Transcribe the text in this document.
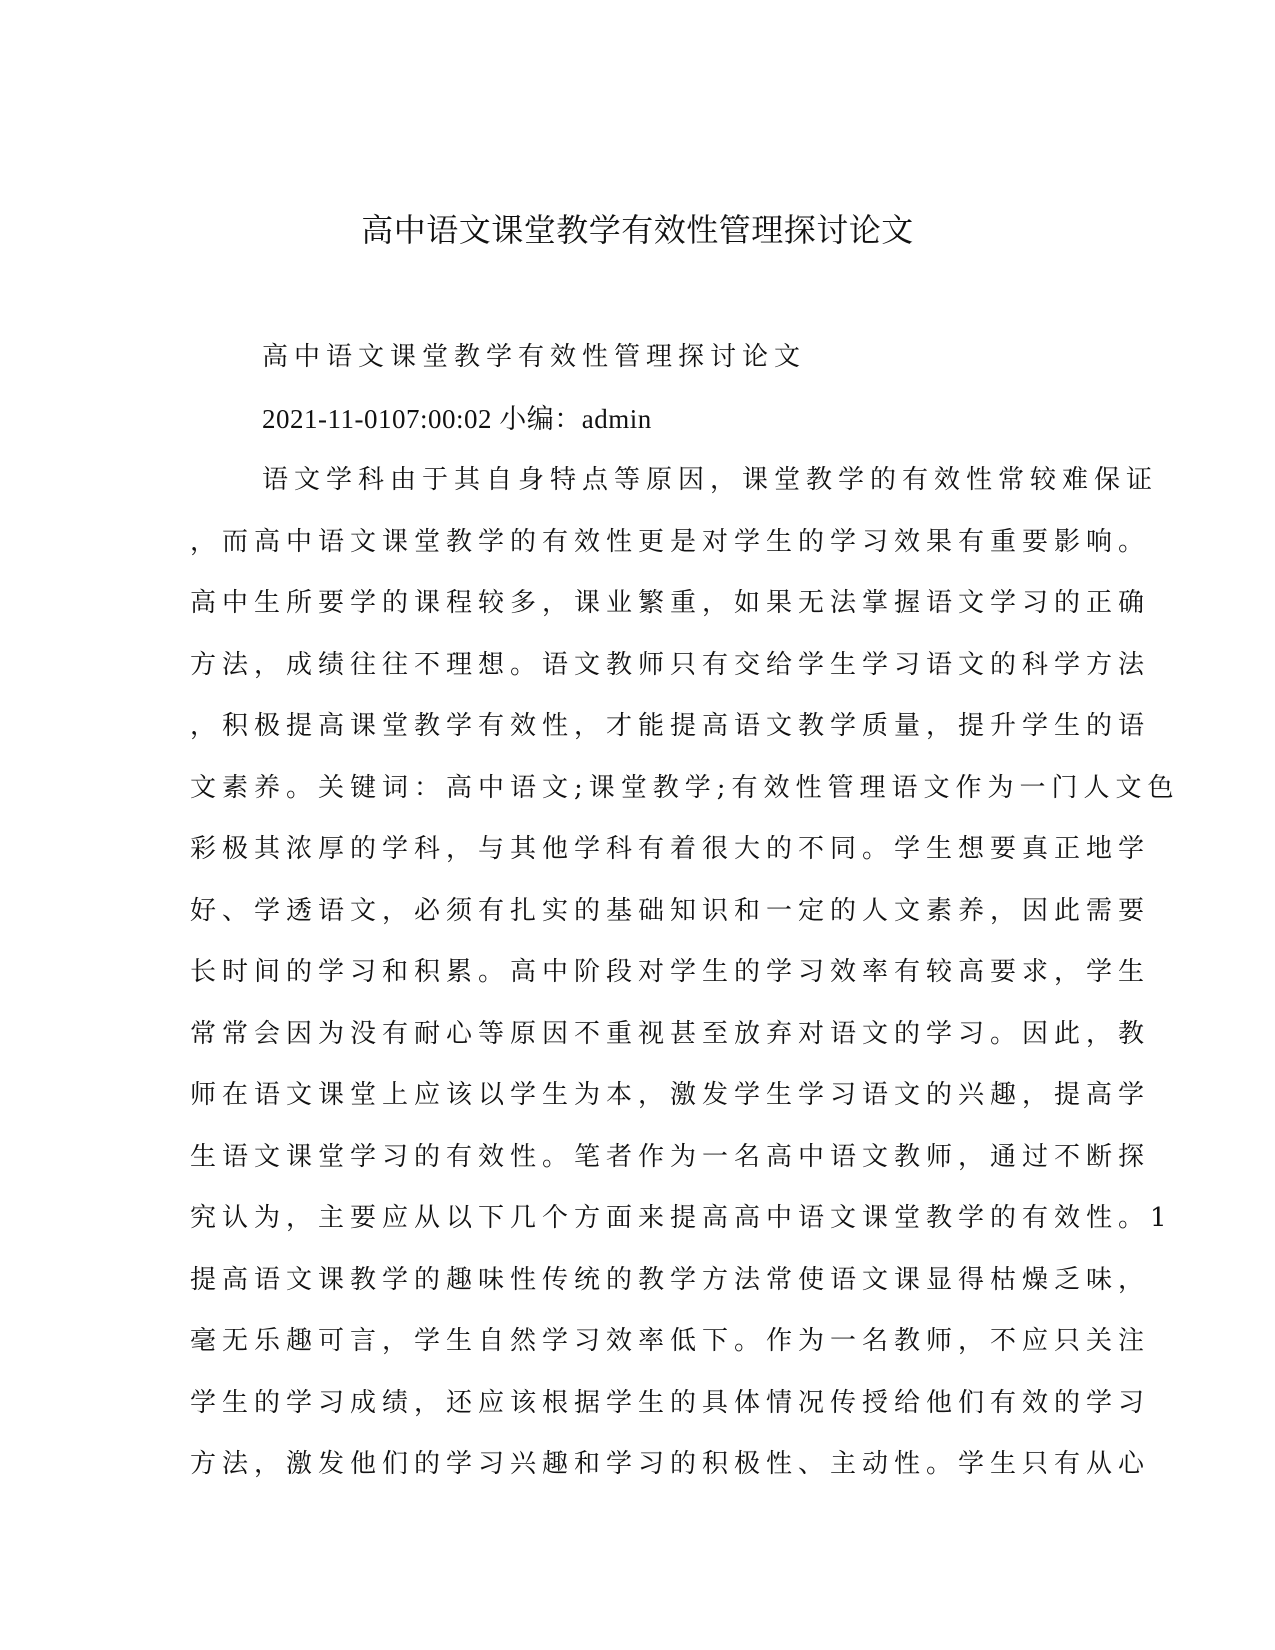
高中语文课堂教学有效性管理探讨论文
高中语文课堂教学有效性管理探讨论文
2021-11-0107:00:02 小编：admin
语文学科由于其自身特点等原因，课堂教学的有效性常较难保证
，而高中语文课堂教学的有效性更是对学生的学习效果有重要影响。
高中生所要学的课程较多，课业繁重，如果无法掌握语文学习的正确
方法，成绩往往不理想。语文教师只有交给学生学习语文的科学方法
，积极提高课堂教学有效性，才能提高语文教学质量，提升学生的语
文素养。关键词：高中语文;课堂教学;有效性管理语文作为一门人文色
彩极其浓厚的学科，与其他学科有着很大的不同。学生想要真正地学
好、学透语文，必须有扎实的基础知识和一定的人文素养，因此需要
长时间的学习和积累。高中阶段对学生的学习效率有较高要求，学生
常常会因为没有耐心等原因不重视甚至放弃对语文的学习。因此，教
师在语文课堂上应该以学生为本，激发学生学习语文的兴趣，提高学
生语文课堂学习的有效性。笔者作为一名高中语文教师，通过不断探
究认为，主要应从以下几个方面来提高高中语文课堂教学的有效性。1
提高语文课教学的趣味性传统的教学方法常使语文课显得枯燥乏味，
毫无乐趣可言，学生自然学习效率低下。作为一名教师，不应只关注
学生的学习成绩，还应该根据学生的具体情况传授给他们有效的学习
方法，激发他们的学习兴趣和学习的积极性、主动性。学生只有从心
